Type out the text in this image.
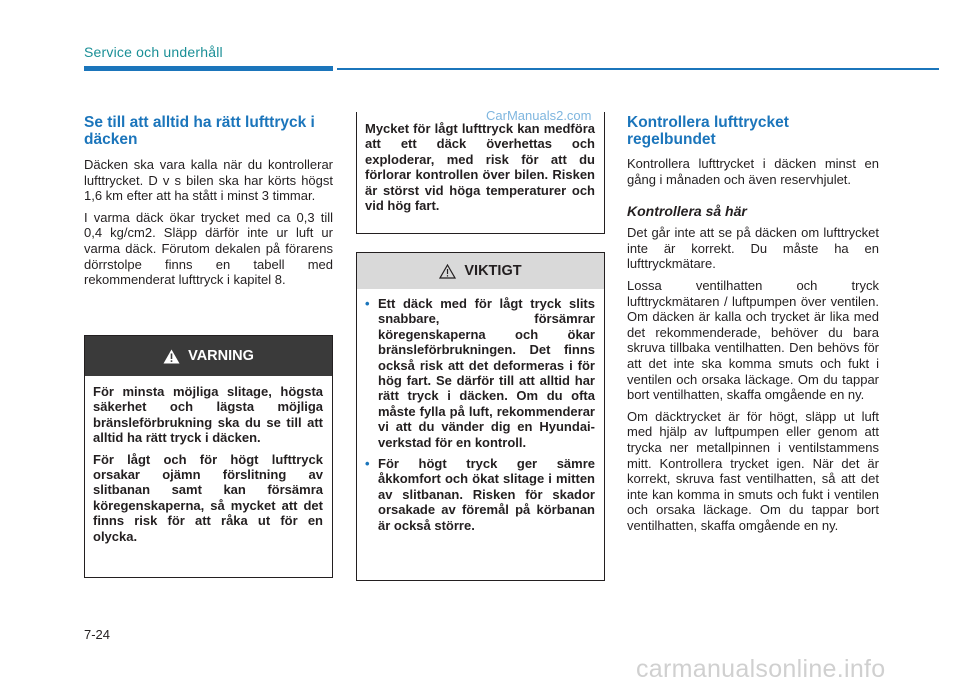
Service och underhåll
Se till att alltid ha rätt lufttryck i däcken

Däcken ska vara kalla när du kontrollerar lufttrycket. D v s bilen ska har körts högst 1,6 km efter att ha stått i minst 3 timmar.

I varma däck ökar trycket med ca 0,3 till 0,4 kg/cm2. Släpp därför inte ur luft ur varma däck. Förutom dekalen på förarens dörrstolpe finns en tabell med rekommenderat lufttryck i kapitel 8.

VARNING

För minsta möjliga slitage, högsta säkerhet och lägsta möjliga bränsleförbrukning ska du se till att alltid ha rätt tryck i däcken.

För lågt och för högt lufttryck orsakar ojämn förslitning av slitbanan samt kan försämra köregenskaperna, så mycket att det finns risk för att råka ut för en olycka.

Mycket för lågt lufttryck kan medföra att ett däck överhettas och exploderar, med risk för att du förlorar kontrollen över bilen. Risken är störst vid höga temperaturer och vid hög fart.
VIKTIGT
• Ett däck med för lågt tryck slits snabbare, försämrar köregenskaperna och ökar bränsleförbrukningen. Det finns också risk att det deformeras i för hög fart. Se därför till att alltid har rätt tryck i däcken. Om du ofta måste fylla på luft, rekommenderar vi att du vänder dig en Hyundai-verkstad för en kontroll.
• För högt tryck ger sämre åkkomfort och ökat slitage i mitten av slitbanan. Risken för skador orsakade av föremål på körbanan är också större.
CarManuals2.com Kontrollera lufttrycket regelbundet

Kontrollera lufttrycket i däcken minst en gång i månaden och även reservhjulet.

Kontrollera så här

Det går inte att se på däcken om lufttrycket inte är korrekt. Du måste ha en lufttryckmätare.

Lossa ventilhatten och tryck lufttryckmätaren / luftpumpen över ventilen. Om däcken är kalla och trycket är lika med det rekommenderade, behöver du bara skruva tillbaka ventilhatten. Den behövs för att det inte ska komma smuts och fukt i ventilen och orsaka läckage. Om du tappar bort ventilhatten, skaffa omgående en ny.

Om däcktrycket är för högt, släpp ut luft med hjälp av luftpumpen eller genom att trycka ner metallpinnen i ventilstammens mitt. Kontrollera trycket igen. När det är korrekt, skruva fast ventilhatten, så att det inte kan komma in smuts och fukt i ventilen och orsaka läckage. Om du tappar bort ventilhatten, skaffa omgående en ny.

7-24
carmanualsonline.info
